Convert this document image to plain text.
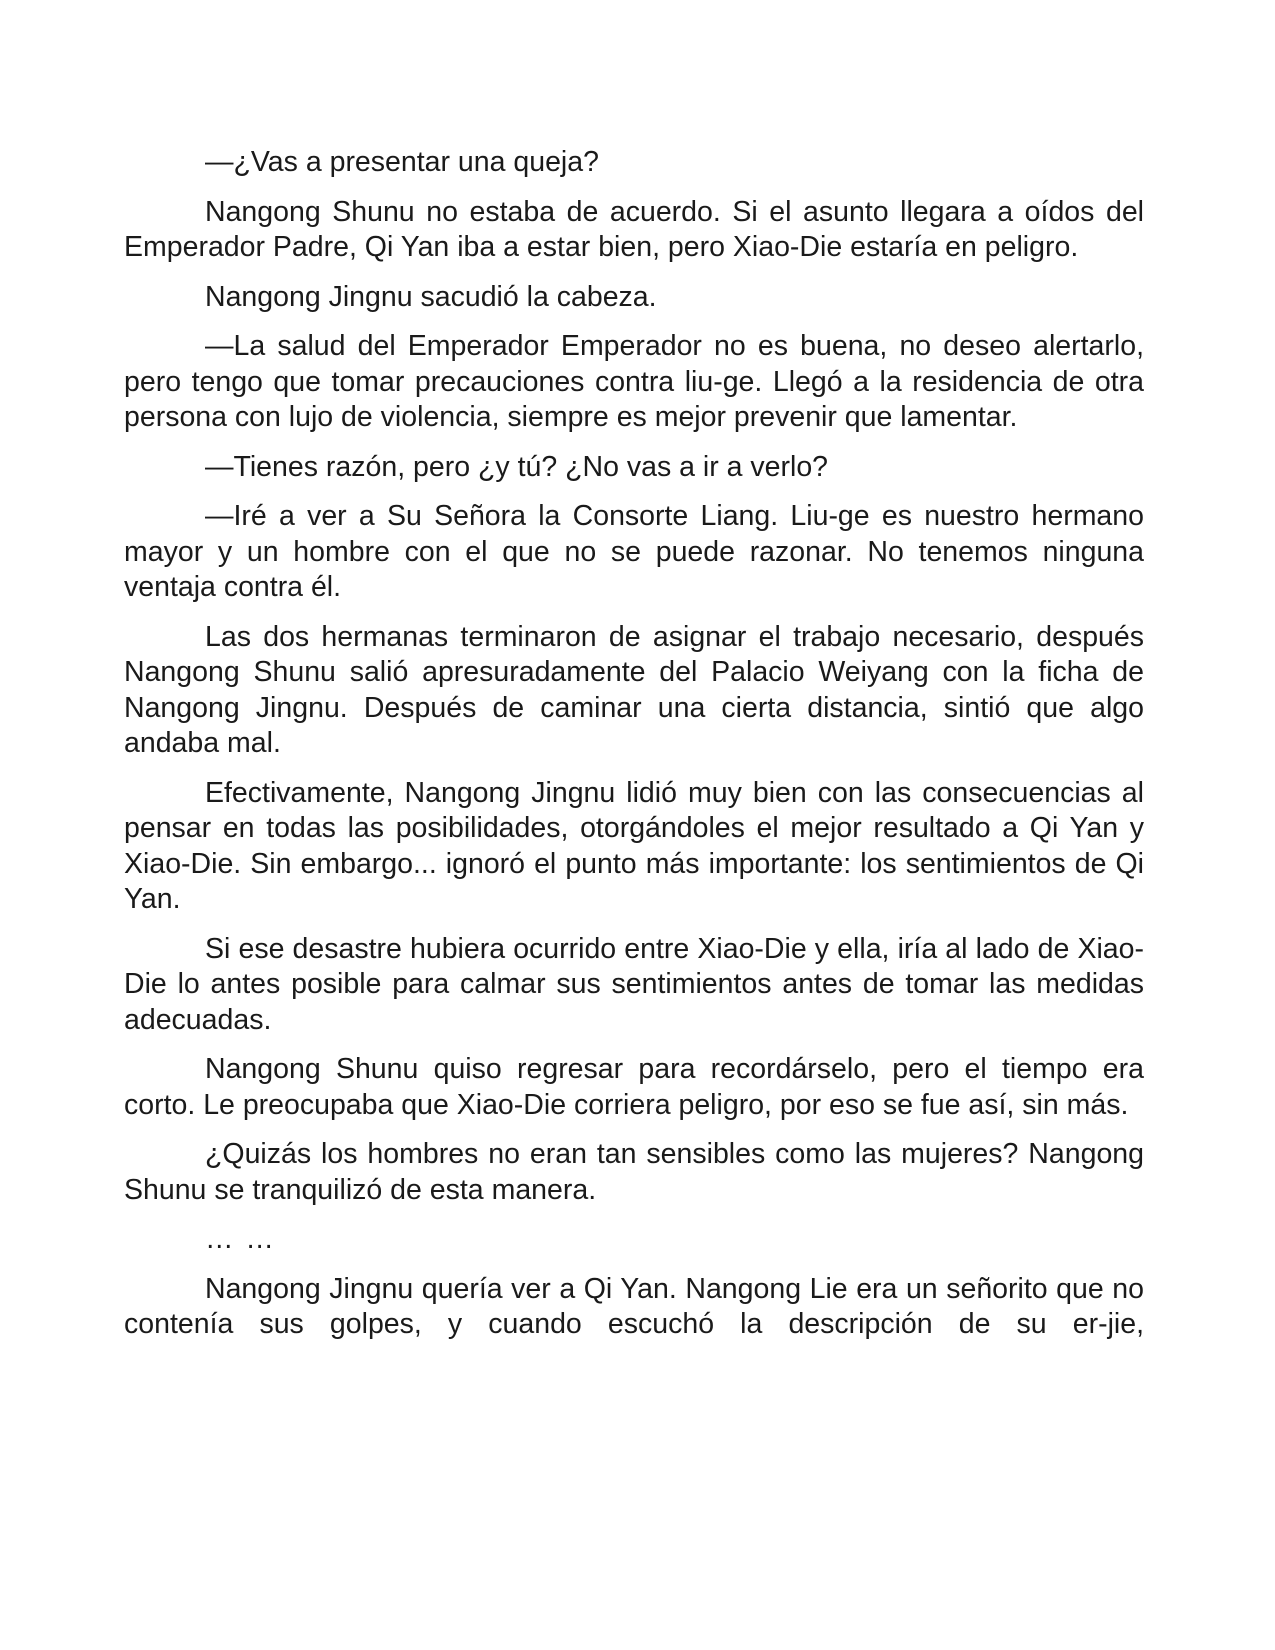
—¿Vas a presentar una queja?

Nangong Shunu no estaba de acuerdo. Si el asunto llegara a oídos del Emperador Padre, Qi Yan iba a estar bien, pero Xiao-Die estaría en peligro.

Nangong Jingnu sacudió la cabeza.

—La salud del Emperador Emperador no es buena, no deseo alertarlo, pero tengo que tomar precauciones contra liu-ge. Llegó a la residencia de otra persona con lujo de violencia, siempre es mejor prevenir que lamentar.

—Tienes razón, pero ¿y tú? ¿No vas a ir a verlo?

—Iré a ver a Su Señora la Consorte Liang. Liu-ge es nuestro hermano mayor y un hombre con el que no se puede razonar. No tenemos ninguna ventaja contra él.

Las dos hermanas terminaron de asignar el trabajo necesario, después Nangong Shunu salió apresuradamente del Palacio Weiyang con la ficha de Nangong Jingnu. Después de caminar una cierta distancia, sintió que algo andaba mal.

Efectivamente, Nangong Jingnu lidió muy bien con las consecuencias al pensar en todas las posibilidades, otorgándoles el mejor resultado a Qi Yan y Xiao-Die. Sin embargo... ignoró el punto más importante: los sentimientos de Qi Yan.

Si ese desastre hubiera ocurrido entre Xiao-Die y ella, iría al lado de Xiao-Die lo antes posible para calmar sus sentimientos antes de tomar las medidas adecuadas.

Nangong Shunu quiso regresar para recordárselo, pero el tiempo era corto. Le preocupaba que Xiao-Die corriera peligro, por eso se fue así, sin más.

¿Quizás los hombres no eran tan sensibles como las mujeres? Nangong Shunu se tranquilizó de esta manera.

… …

Nangong Jingnu quería ver a Qi Yan. Nangong Lie era un señorito que no contenía sus golpes, y cuando escuchó la descripción de su er-jie,
